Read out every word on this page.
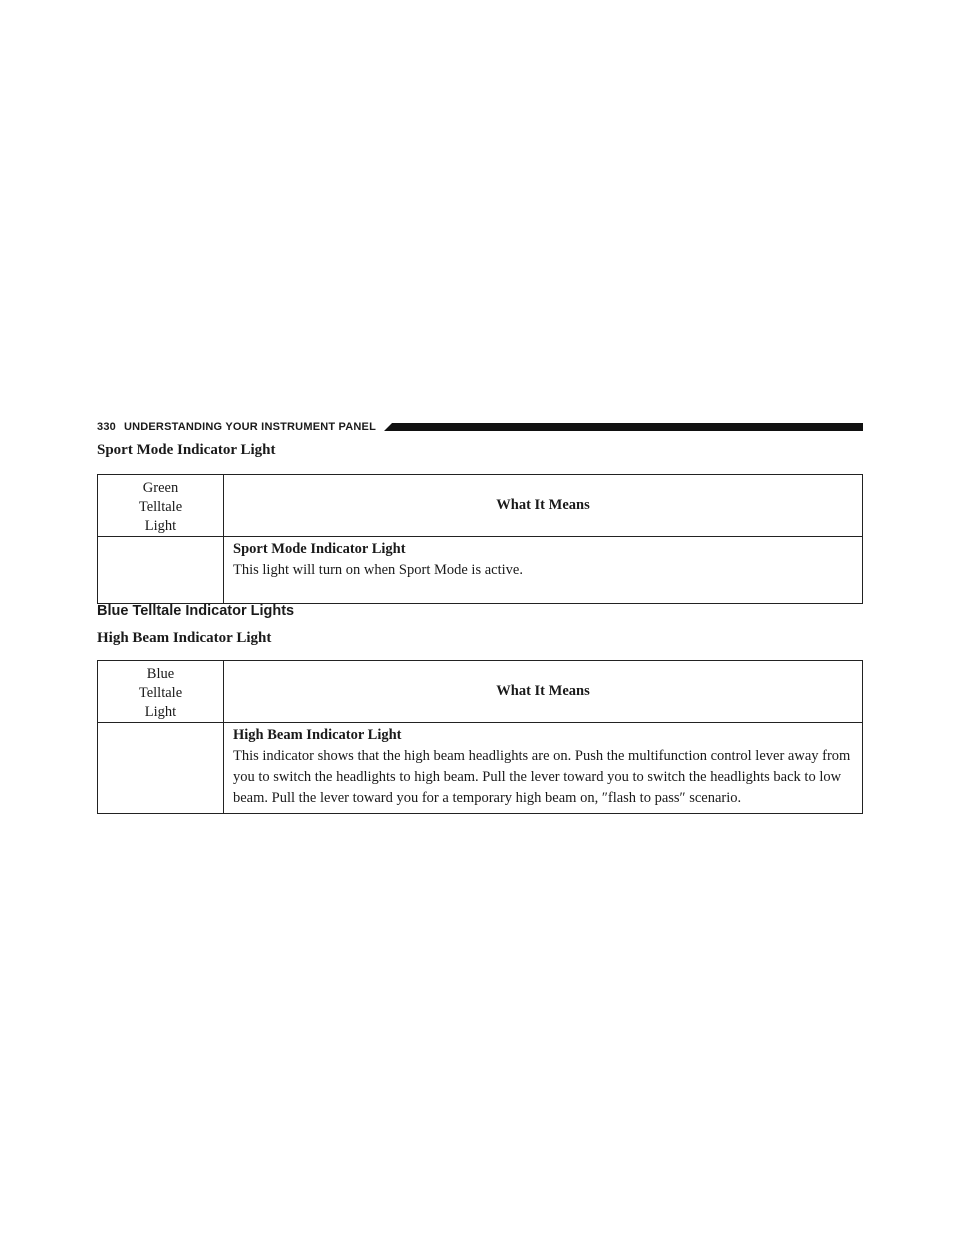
330 UNDERSTANDING YOUR INSTRUMENT PANEL
Sport Mode Indicator Light
Green Telltale Light	What It Means

	Sport Mode Indicator Light
This light will turn on when Sport Mode is active.
Blue Telltale Indicator Lights
High Beam Indicator Light
Blue Telltale Light	What It Means

	High Beam Indicator Light
This indicator shows that the high beam headlights are on. Push the multifunction control lever away from you to switch the headlights to high beam. Pull the lever toward you to switch the headlights back to low beam. Pull the lever toward you for a temporary high beam on, ″flash to pass″ scenario.
